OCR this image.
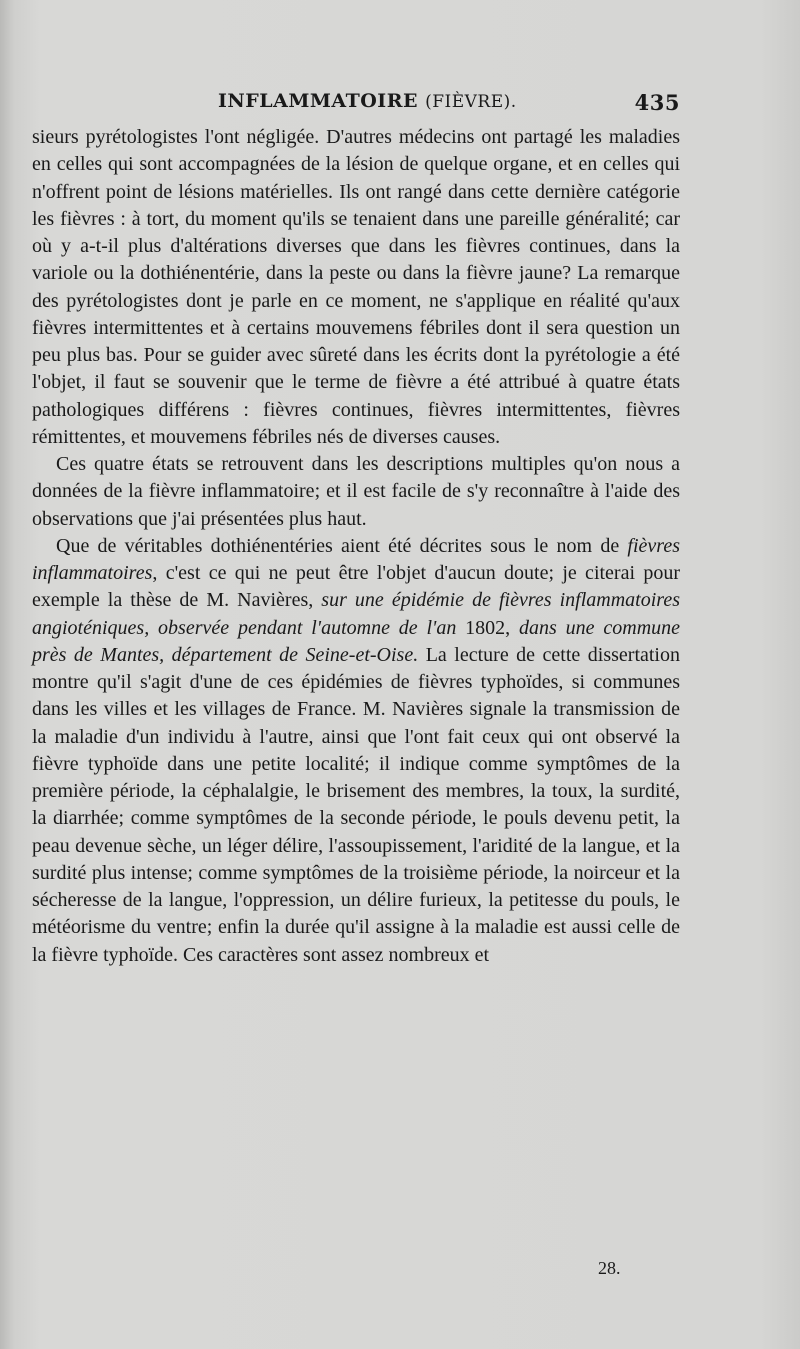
INFLAMMATOIRE (FIÈVRE).	435

sieurs pyrétologistes l'ont négligée. D'autres médecins ont partagé les maladies en celles qui sont accompagnées de la lésion de quelque organe, et en celles qui n'offrent point de lésions matérielles. Ils ont rangé dans cette dernière catégorie les fièvres : à tort, du moment qu'ils se tenaient dans une pareille généralité; car où y a-t-il plus d'altérations diverses que dans les fièvres continues, dans la variole ou la dothiénentérie, dans la peste ou dans la fièvre jaune? La remarque des pyrétologistes dont je parle en ce moment, ne s'applique en réalité qu'aux fièvres intermittentes et à certains mouvemens fébriles dont il sera question un peu plus bas. Pour se guider avec sûreté dans les écrits dont la pyrétologie a été l'objet, il faut se souvenir que le terme de fièvre a été attribué à quatre états pathologiques différens : fièvres continues, fièvres intermittentes, fièvres rémittentes, et mouvemens fébriles nés de diverses causes.

Ces quatre états se retrouvent dans les descriptions multiples qu'on nous a données de la fièvre inflammatoire; et il est facile de s'y reconnaître à l'aide des observations que j'ai présentées plus haut.

Que de véritables dothiénentéries aient été décrites sous le nom de fièvres inflammatoires, c'est ce qui ne peut être l'objet d'aucun doute; je citerai pour exemple la thèse de M. Navières, sur une épidémie de fièvres inflammatoires angioténiques, observée pendant l'automne de l'an 1802, dans une commune près de Mantes, département de Seine-et-Oise. La lecture de cette dissertation montre qu'il s'agit d'une de ces épidémies de fièvres typhoïdes, si communes dans les villes et les villages de France. M. Navières signale la transmission de la maladie d'un individu à l'autre, ainsi que l'ont fait ceux qui ont observé la fièvre typhoïde dans une petite localité; il indique comme symptômes de la première période, la céphalalgie, le brisement des membres, la toux, la surdité, la diarrhée; comme symptômes de la seconde période, le pouls devenu petit, la peau devenue sèche, un léger délire, l'assoupissement, l'aridité de la langue, et la surdité plus intense; comme symptômes de la troisième période, la noirceur et la sécheresse de la langue, l'oppression, un délire furieux, la petitesse du pouls, le météorisme du ventre; enfin la durée qu'il assigne à la maladie est aussi celle de la fièvre typhoïde. Ces caractères sont assez nombreux et

28.
